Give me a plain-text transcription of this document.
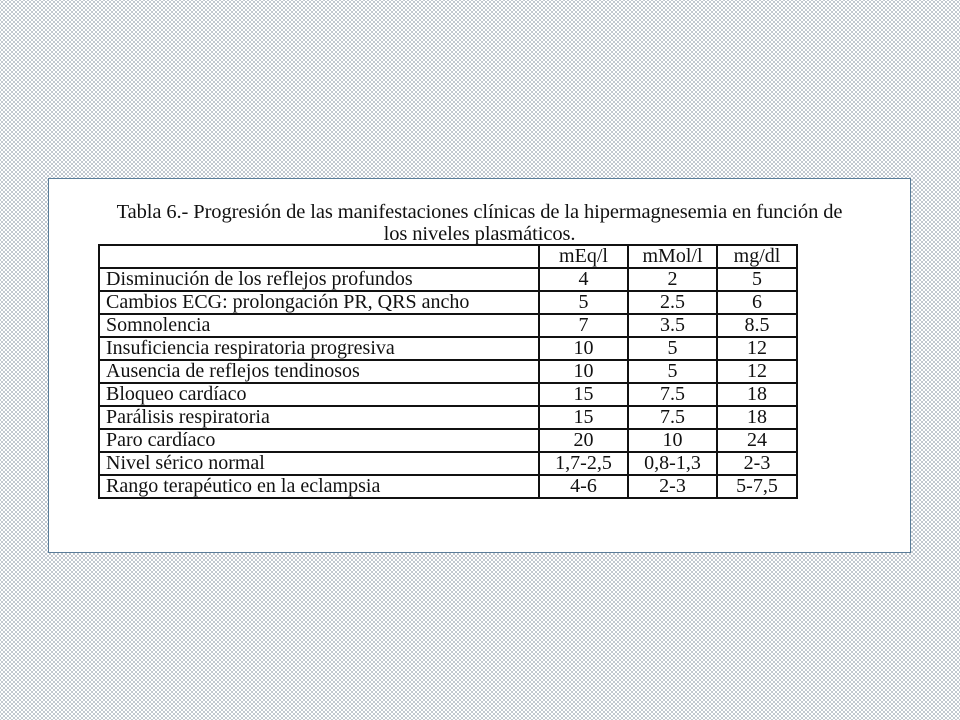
Tabla 6.- Progresión de las manifestaciones clínicas de la hipermagnesemia en función de
los niveles plasmáticos.
	mEq/l	mMol/l	mg/dl
Disminución de los reflejos profundos	4	2	5
Cambios ECG: prolongación PR, QRS ancho	5	2.5	6
Somnolencia	7	3.5	8.5
Insuficiencia respiratoria progresiva	10	5	12
Ausencia de reflejos tendinosos	10	5	12
Bloqueo cardíaco	15	7.5	18
Parálisis respiratoria	15	7.5	18
Paro cardíaco	20	10	24
Nivel sérico normal	1,7-2,5	0,8-1,3	2-3
Rango terapéutico en la eclampsia	4-6	2-3	5-7,5
